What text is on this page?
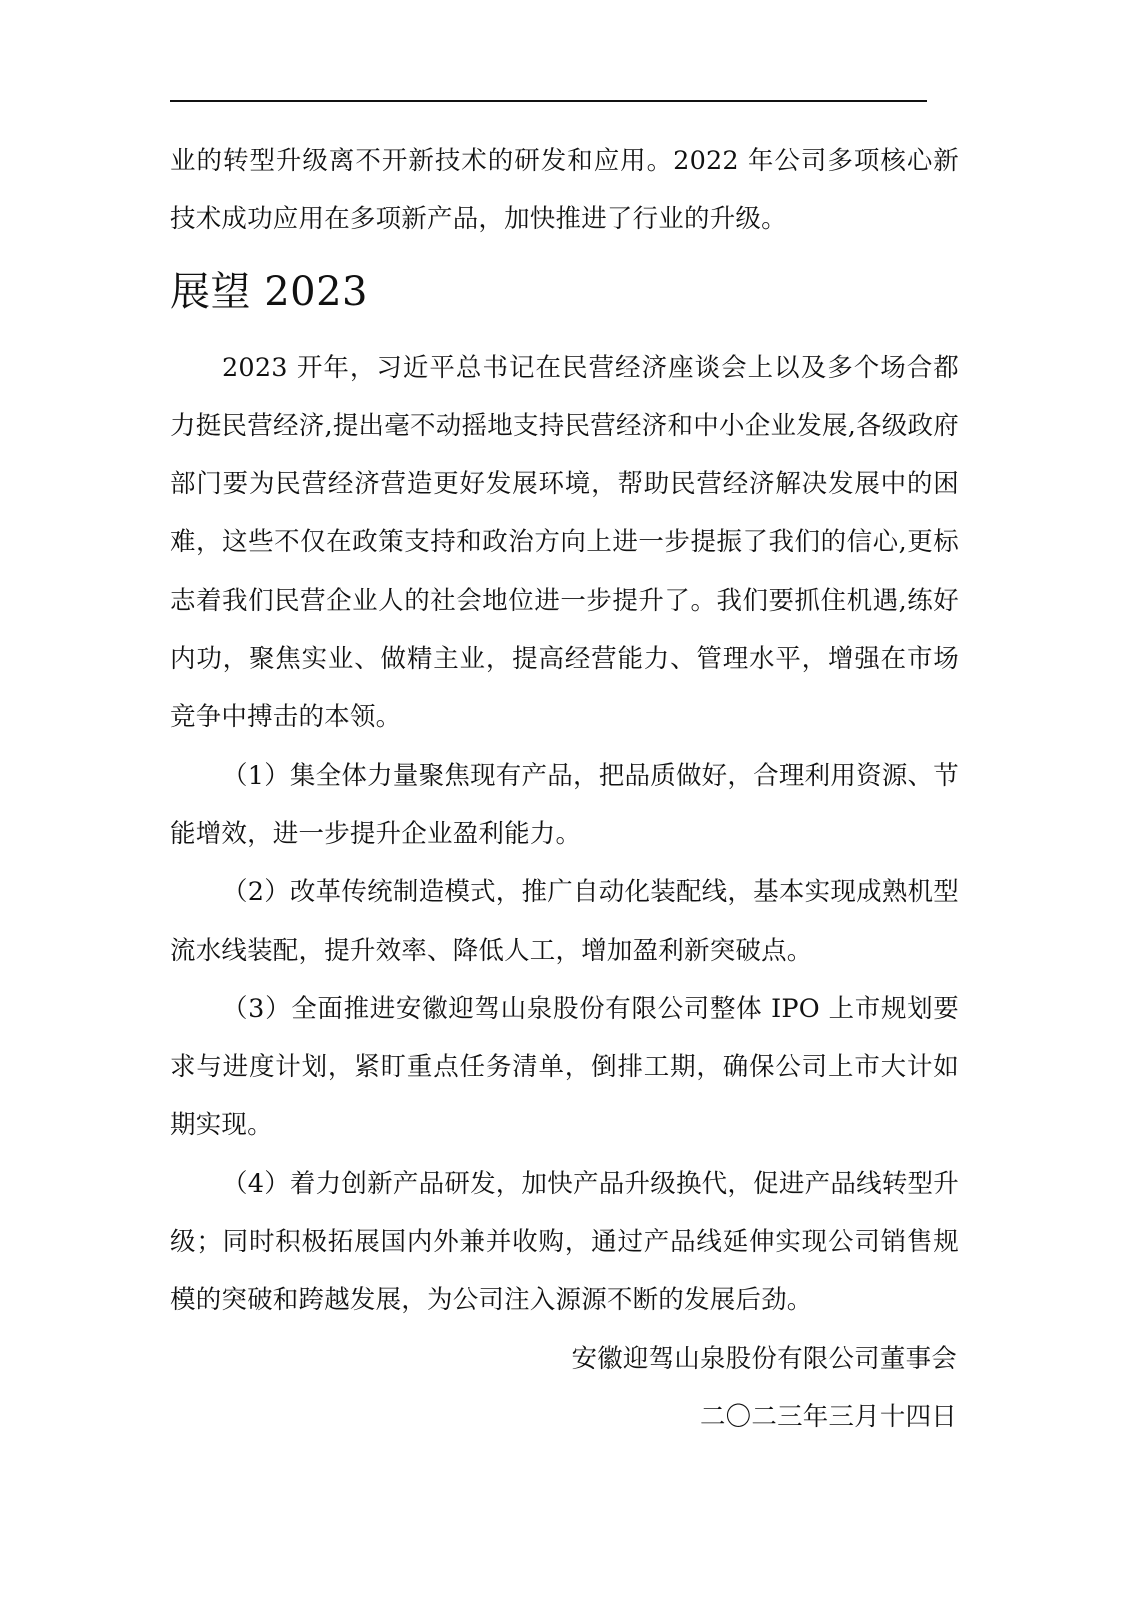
业的转型升级离不开新技术的研发和应用。2022 年公司多项核心新技术成功应用在多项新产品，加快推进了行业的升级。

展望 2023

2023 开年，习近平总书记在民营经济座谈会上以及多个场合都力挺民营经济,提出毫不动摇地支持民营经济和中小企业发展,各级政府部门要为民营经济营造更好发展环境，帮助民营经济解决发展中的困难，这些不仅在政策支持和政治方向上进一步提振了我们的信心,更标志着我们民营企业人的社会地位进一步提升了。我们要抓住机遇,练好内功，聚焦实业、做精主业，提高经营能力、管理水平，增强在市场竞争中搏击的本领。

（1）集全体力量聚焦现有产品，把品质做好，合理利用资源、节能增效，进一步提升企业盈利能力。

（2）改革传统制造模式，推广自动化装配线，基本实现成熟机型流水线装配，提升效率、降低人工，增加盈利新突破点。

（3）全面推进安徽迎驾山泉股份有限公司整体 IPO 上市规划要求与进度计划，紧盯重点任务清单，倒排工期，确保公司上市大计如期实现。

（4）着力创新产品研发，加快产品升级换代，促进产品线转型升级；同时积极拓展国内外兼并收购，通过产品线延伸实现公司销售规模的突破和跨越发展，为公司注入源源不断的发展后劲。

安徽迎驾山泉股份有限公司董事会

二〇二三年三月十四日
